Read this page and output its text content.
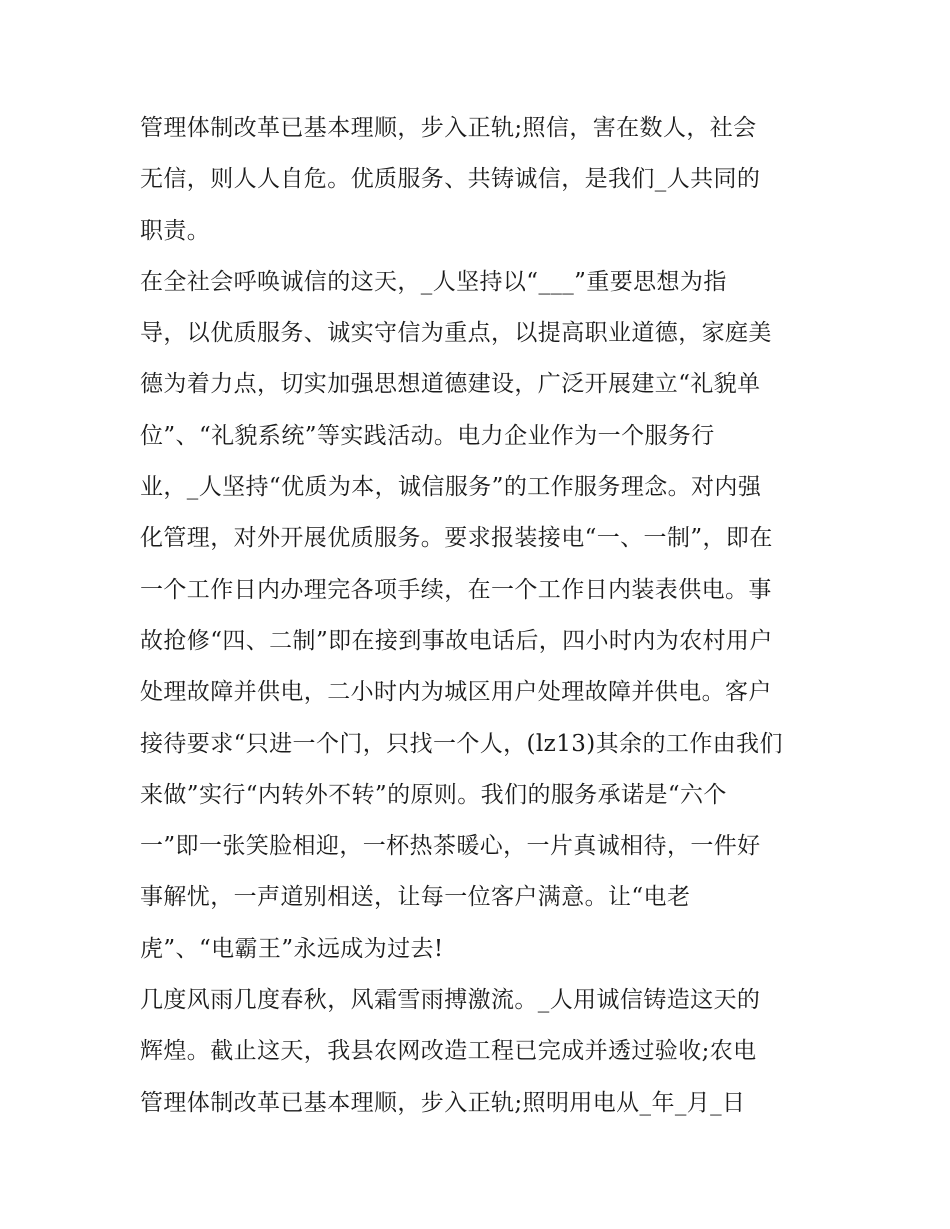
管理体制改革已基本理顺，步入正轨;照信，害在数人，社会
无信，则人人自危。优质服务、共铸诚信，是我们_人共同的
职责。
在全社会呼唤诚信的这天，_人坚持以“___”重要思想为指
导，以优质服务、诚实守信为重点，以提高职业道德，家庭美
德为着力点，切实加强思想道德建设，广泛开展建立“礼貌单
位”、“礼貌系统”等实践活动。电力企业作为一个服务行
业，_人坚持“优质为本，诚信服务”的工作服务理念。对内强
化管理，对外开展优质服务。要求报装接电“一、一制”，即在
一个工作日内办理完各项手续，在一个工作日内装表供电。事
故抢修“四、二制”即在接到事故电话后，四小时内为农村用户
处理故障并供电，二小时内为城区用户处理故障并供电。客户
接待要求“只进一个门，只找一个人，(lz13)其余的工作由我们
来做”实行“内转外不转”的原则。我们的服务承诺是“六个
一”即一张笑脸相迎，一杯热茶暖心，一片真诚相待，一件好
事解忧，一声道别相送，让每一位客户满意。让“电老
虎”、“电霸王”永远成为过去!
几度风雨几度春秋，风霜雪雨搏激流。_人用诚信铸造这天的
辉煌。截止这天，我县农网改造工程已完成并透过验收;农电
管理体制改革已基本理顺，步入正轨;照明用电从_年_月_日
